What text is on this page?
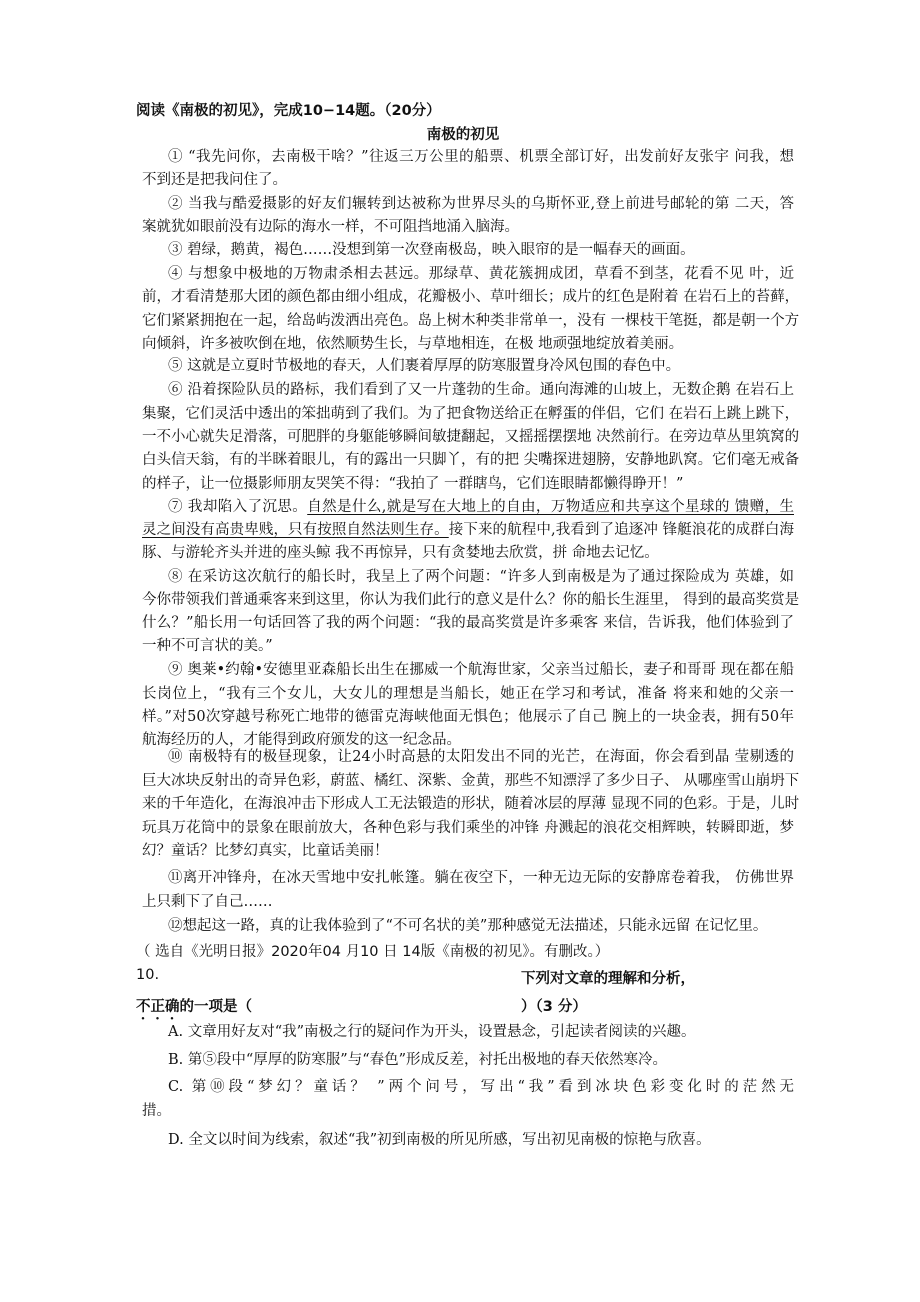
阅读《南极的初见》，完成10−14题。（20分）
南极的初见
① “我先问你，去南极干啥？”往返三万公里的船票、机票全部订好，出发前好友张宇 问我，想
不到还是把我问住了。
② 当我与酷爱摄影的好友们辗转到达被称为世界尽头的乌斯怀亚,登上前进号邮轮的第 二天，答
案就犹如眼前没有边际的海水一样，不可阻挡地涌入脑海。
③ 碧绿，鹅黄，褐色……没想到第一次登南极岛，映入眼帘的是一幅春天的画面。
④ 与想象中极地的万物肃杀相去甚远。那绿草、黄花簇拥成团，草看不到茎，花看不见 叶，近
前，才看清楚那大团的颜色都由细小组成，花瓣极小、草叶细长；成片的红色是附着 在岩石上的苔藓，
它们紧紧拥抱在一起，给岛屿泼洒出亮色。岛上树木种类非常单一，没有 一棵枝干笔挺，都是朝一个方
向倾斜，许多被吹倒在地，依然顺势生长，与草地相连，在极 地顽强地绽放着美丽。
⑤ 这就是立夏时节极地的春天，人们裹着厚厚的防寒服置身冷风包围的春色中。
⑥ 沿着探险队员的路标，我们看到了又一片蓬勃的生命。通向海滩的山坡上，无数企鹅 在岩石上
集聚，它们灵活中透出的笨拙萌到了我们。为了把食物送给正在孵蛋的伴侣，它们 在岩石上跳上跳下，
一不小心就失足滑落，可肥胖的身躯能够瞬间敏捷翻起，又摇摇摆摆地 决然前行。在旁边草丛里筑窝的
白头信天翁，有的半眯着眼儿，有的露出一只脚丫，有的把 尖嘴探进翅膀，安静地趴窝。它们毫无戒备
的样子，让一位摄影师朋友哭笑不得：“我拍了 一群瞎鸟，它们连眼睛都懒得睁开！”
⑦ 我却陷入了沉思。自然是什么,就是写在大地上的自由，万物适应和共享这个星球的 馈赠，生
灵之间没有高贵卑贱，只有按照自然法则生存。接下来的航程中,我看到了追逐冲 锋艇浪花的成群白海
豚、与游轮齐头并进的座头鲸 我不再惊异，只有贪婪地去欣赏，拼 命地去记忆。
⑧ 在采访这次航行的船长时，我呈上了两个问题：“许多人到南极是为了通过探险成为 英雄，如
今你带领我们普通乘客来到这里，你认为我们此行的意义是什么？你的船长生涯里， 得到的最高奖赏是
什么？”船长用一句话回答了我的两个问题：“我的最高奖赏是许多乘客 来信，告诉我，他们体验到了
一种不可言状的美。”
⑨ 奥莱•约翰•安德里亚森船长出生在挪威一个航海世家，父亲当过船长，妻子和哥哥 现在都在船
长岗位上，“我有三个女儿，大女儿的理想是当船长，她正在学习和考试，准备 将来和她的父亲一
样。”对50次穿越号称死亡地带的德雷克海峡他面无惧色；他展示了自己 腕上的一块金表，拥有50年
航海经历的人，才能得到政府颁发的这一纪念品。
⑩ 南极特有的极昼现象，让24小时高悬的太阳发出不同的光芒，在海面，你会看到晶 莹剔透的
巨大冰块反射出的奇异色彩，蔚蓝、橘红、深紫、金黄，那些不知漂浮了多少日子、 从哪座雪山崩坍下
来的千年造化，在海浪冲击下形成人工无法锻造的形状，随着冰层的厚薄 显现不同的色彩。于是，儿时
玩具万花筒中的景象在眼前放大，各种色彩与我们乘坐的冲锋 舟溅起的浪花交相辉映，转瞬即逝，梦
幻？童话？比梦幻真实，比童话美丽！
⑪离开冲锋舟，在冰天雪地中安扎帐篷。躺在夜空下，一种无边无际的安静席卷着我， 仿佛世界
上只剩下了自己……
⑫想起这一路，真的让我体验到了“不可名状的美”那种感觉无法描述，只能永远留 在记忆里。
（ 选自《光明日报》2020年04 月10 日 14版《南极的初见》。有删改。）
10.	下列对文章的理解和分析，
不正确的一项是（	）（3 分）
A. 文章用好友对“我”南极之行的疑问作为开头，设置悬念，引起读者阅读的兴趣。
B. 第⑤段中“厚厚的防寒服”与“春色”形成反差，衬托出极地的春天依然寒冷。
C. 第⑩段“梦幻？童话？ ”两个问号，写出“我”看到冰块色彩变化时的茫然无
措。
D. 全文以时间为线索，叙述“我”初到南极的所见所感，写出初见南极的惊艳与欣喜。
